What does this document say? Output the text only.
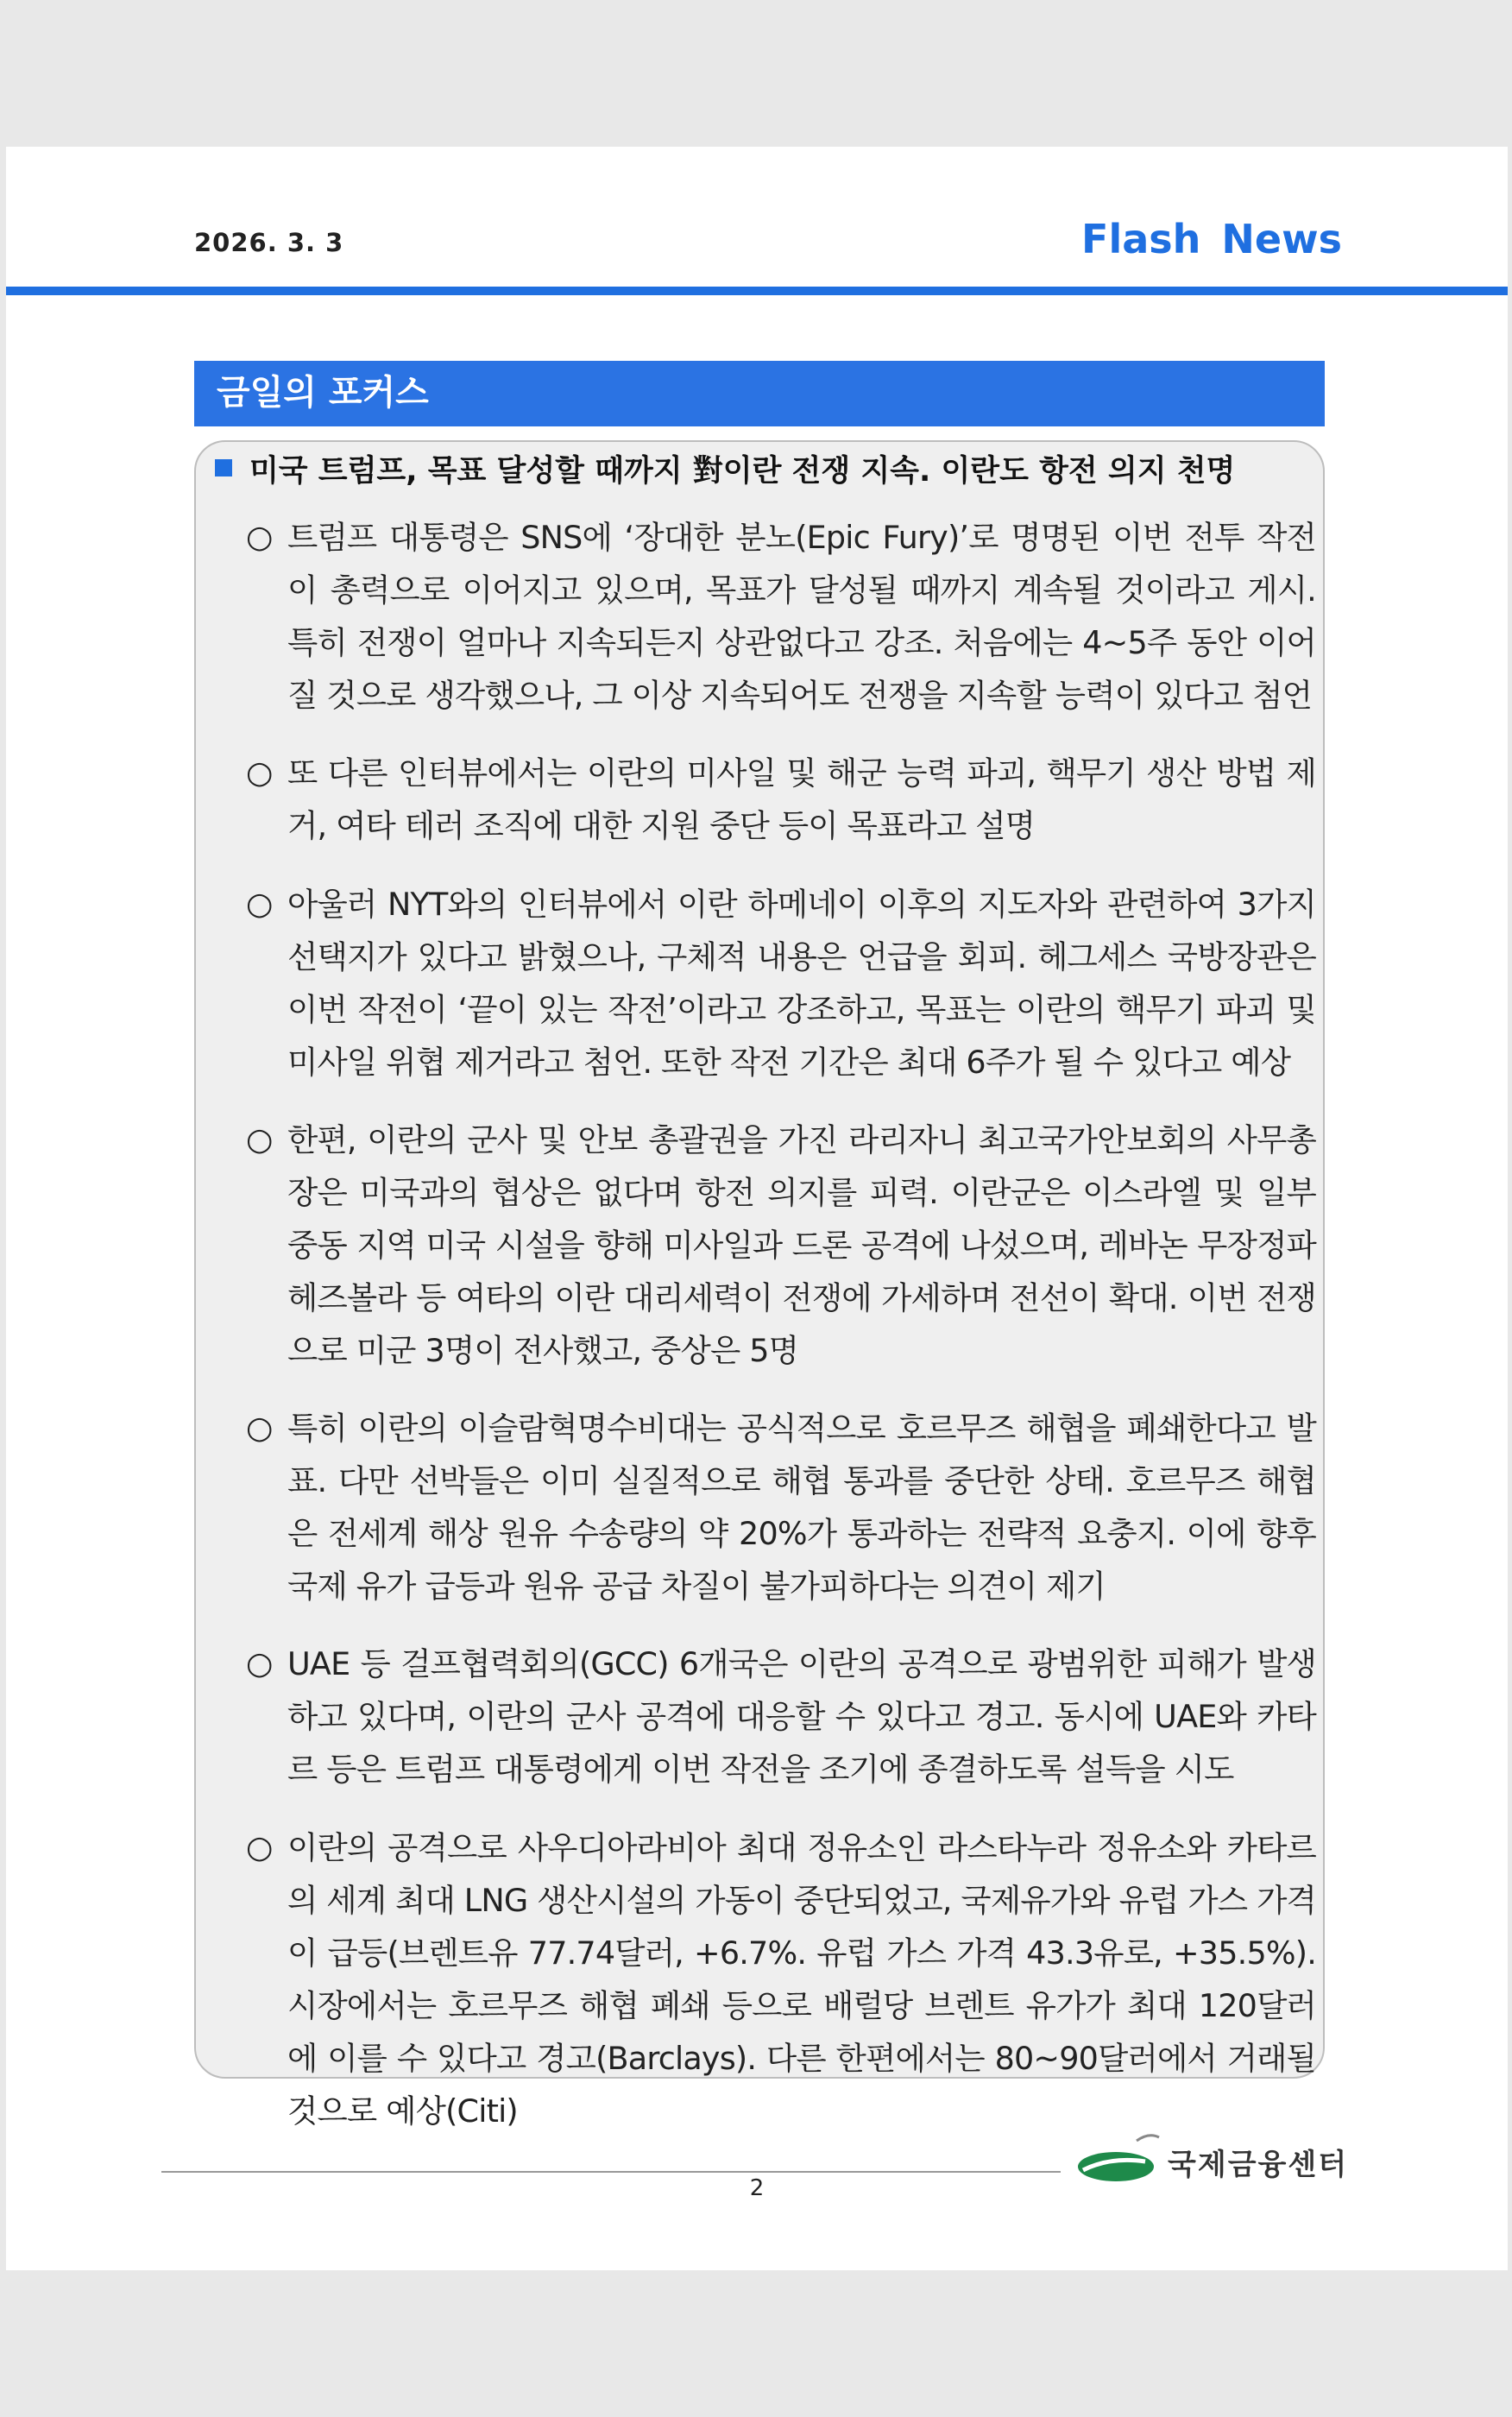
2026. 3. 3	Flash News
금일의 포커스
미국 트럼프, 목표 달성할 때까지 對이란 전쟁 지속. 이란도 항전 의지 천명
○ 트럼프 대통령은 SNS에 ‘장대한 분노(Epic Fury)’로 명명된 이번 전투 작전이 총력으로 이어지고 있으며, 목표가 달성될 때까지 계속될 것이라고 게시. 특히 전쟁이 얼마나 지속되든지 상관없다고 강조. 처음에는 4~5주 동안 이어질 것으로 생각했으나, 그 이상 지속되어도 전쟁을 지속할 능력이 있다고 첨언
○ 또 다른 인터뷰에서는 이란의 미사일 및 해군 능력 파괴, 핵무기 생산 방법 제거, 여타 테러 조직에 대한 지원 중단 등이 목표라고 설명
○ 아울러 NYT와의 인터뷰에서 이란 하메네이 이후의 지도자와 관련하여 3가지 선택지가 있다고 밝혔으나, 구체적 내용은 언급을 회피. 헤그세스 국방장관은 이번 작전이 ‘끝이 있는 작전’이라고 강조하고, 목표는 이란의 핵무기 파괴 및 미사일 위협 제거라고 첨언. 또한 작전 기간은 최대 6주가 될 수 있다고 예상
○ 한편, 이란의 군사 및 안보 총괄권을 가진 라리자니 최고국가안보회의 사무총장은 미국과의 협상은 없다며 항전 의지를 피력. 이란군은 이스라엘 및 일부 중동 지역 미국 시설을 향해 미사일과 드론 공격에 나섰으며, 레바논 무장정파 헤즈볼라 등 여타의 이란 대리세력이 전쟁에 가세하며 전선이 확대. 이번 전쟁으로 미군 3명이 전사했고, 중상은 5명
○ 특히 이란의 이슬람혁명수비대는 공식적으로 호르무즈 해협을 폐쇄한다고 발표. 다만 선박들은 이미 실질적으로 해협 통과를 중단한 상태. 호르무즈 해협은 전세계 해상 원유 수송량의 약 20%가 통과하는 전략적 요충지. 이에 향후 국제 유가 급등과 원유 공급 차질이 불가피하다는 의견이 제기
○ UAE 등 걸프협력회의(GCC) 6개국은 이란의 공격으로 광범위한 피해가 발생하고 있다며, 이란의 군사 공격에 대응할 수 있다고 경고. 동시에 UAE와 카타르 등은 트럼프 대통령에게 이번 작전을 조기에 종결하도록 설득을 시도
○ 이란의 공격으로 사우디아라비아 최대 정유소인 라스타누라 정유소와 카타르의 세계 최대 LNG 생산시설의 가동이 중단되었고, 국제유가와 유럽 가스 가격이 급등(브렌트유 77.74달러, +6.7%. 유럽 가스 가격 43.3유로, +35.5%). 시장에서는 호르무즈 해협 폐쇄 등으로 배럴당 브렌트 유가가 최대 120달러에 이를 수 있다고 경고(Barclays). 다른 한편에서는 80~90달러에서 거래될 것으로 예상(Citi)
2
국제금융센터
